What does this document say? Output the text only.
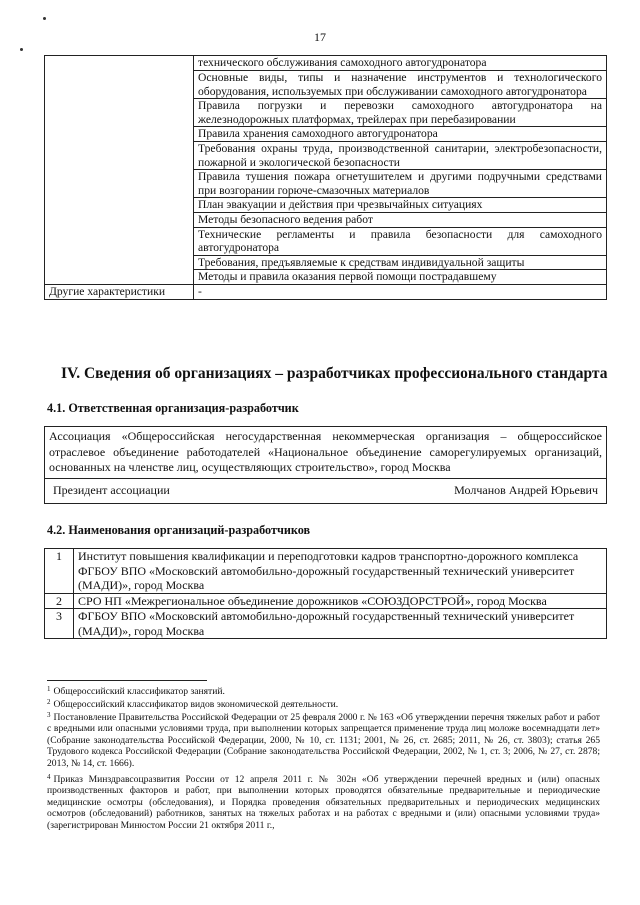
17
	технического обслуживания самоходного автогудронатора
	Основные виды, типы и назначение инструментов и технологического оборудования, используемых при обслуживании самоходного автогудронатора
	Правила погрузки и перевозки самоходного автогудронатора на железнодорожных платформах, трейлерах при перебазировании
	Правила хранения самоходного автогудронатора
	Требования охраны труда, производственной санитарии, электробезопасности, пожарной и экологической безопасности
	Правила тушения пожара огнетушителем и другими подручными средствами при возгорании горюче-смазочных материалов
	План эвакуации и действия при чрезвычайных ситуациях
	Методы безопасного ведения работ
	Технические регламенты и правила безопасности для самоходного автогудронатора
	Требования, предъявляемые к средствам индивидуальной защиты
	Методы и правила оказания первой помощи пострадавшему
Другие характеристики	-
IV. Сведения об организациях – разработчиках профессионального стандарта
4.1. Ответственная организация-разработчик
Ассоциация «Общероссийская негосударственная некоммерческая организация – общероссийское отраслевое объединение работодателей «Национальное объединение саморегулируемых организаций, основанных на членстве лиц, осуществляющих строительство», город Москва
Президент ассоциации	Молчанов Андрей Юрьевич
4.2. Наименования организаций-разработчиков
1	Институт повышения квалификации и переподготовки кадров транспортно-дорожного комплекса ФГБОУ ВПО «Московский автомобильно-дорожный государственный технический университет (МАДИ)», город Москва
2	СРО НП «Межрегиональное объединение дорожников «СОЮЗДОРСТРОЙ», город Москва
3	ФГБОУ ВПО «Московский автомобильно-дорожный государственный технический университет (МАДИ)», город Москва

$^1$ Общероссийский классификатор занятий.

$^2$ Общероссийский классификатор видов экономической деятельности.

$^3$ Постановление Правительства Российской Федерации от 25 февраля 2000 г. № 163 «Об утверждении перечня тяжелых работ и работ с вредными или опасными условиями труда, при выполнении которых запрещается применение труда лиц моложе восемнадцати лет» (Собрание законодательства Российской Федерации, 2000, № 10, ст. 1131; 2001, № 26, ст. 2685; 2011, № 26, ст. 3803); статья 265 Трудового кодекса Российской Федерации (Собрание законодательства Российской Федерации, 2002, № 1, ст. 3; 2006, № 27, ст. 2878; 2013, № 14, ст. 1666).

$^4$ Приказ Минздравсоцразвития России от 12 апреля 2011 г. № 302н «Об утверждении перечней вредных и (или) опасных производственных факторов и работ, при выполнении которых проводятся обязательные предварительные и периодические медицинские осмотры (обследования), и Порядка проведения обязательных предварительных и периодических медицинских осмотров (обследований) работников, занятых на тяжелых работах и на работах с вредными и (или) опасными условиями труда» (зарегистрирован Минюстом России 21 октября 2011 г.,
